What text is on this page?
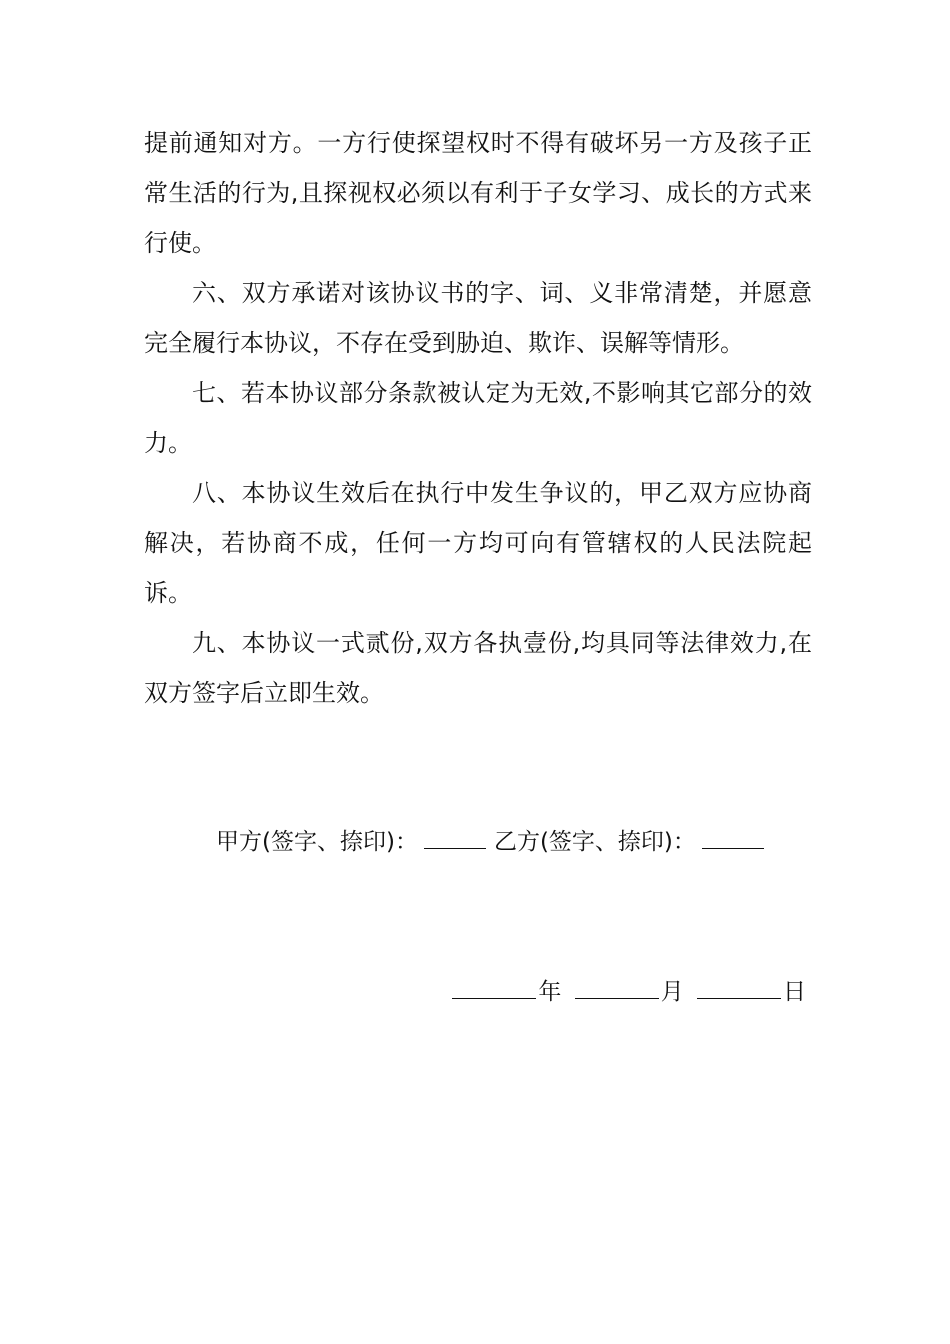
提前通知对方。一方行使探望权时不得有破坏另一方及孩子正常生活的行为,且探视权必须以有利于子女学习、成长的方式来行使。

六、双方承诺对该协议书的字、词、义非常清楚，并愿意完全履行本协议，不存在受到胁迫、欺诈、误解等情形。

七、若本协议部分条款被认定为无效,不影响其它部分的效力。

八、本协议生效后在执行中发生争议的，甲乙双方应协商解决，若协商不成，任何一方均可向有管辖权的人民法院起诉。

九、本协议一式贰份,双方各执壹份,均具同等法律效力,在双方签字后立即生效。

甲方(签字、捺印)：	乙方(签字、捺印)：
年	月	日
